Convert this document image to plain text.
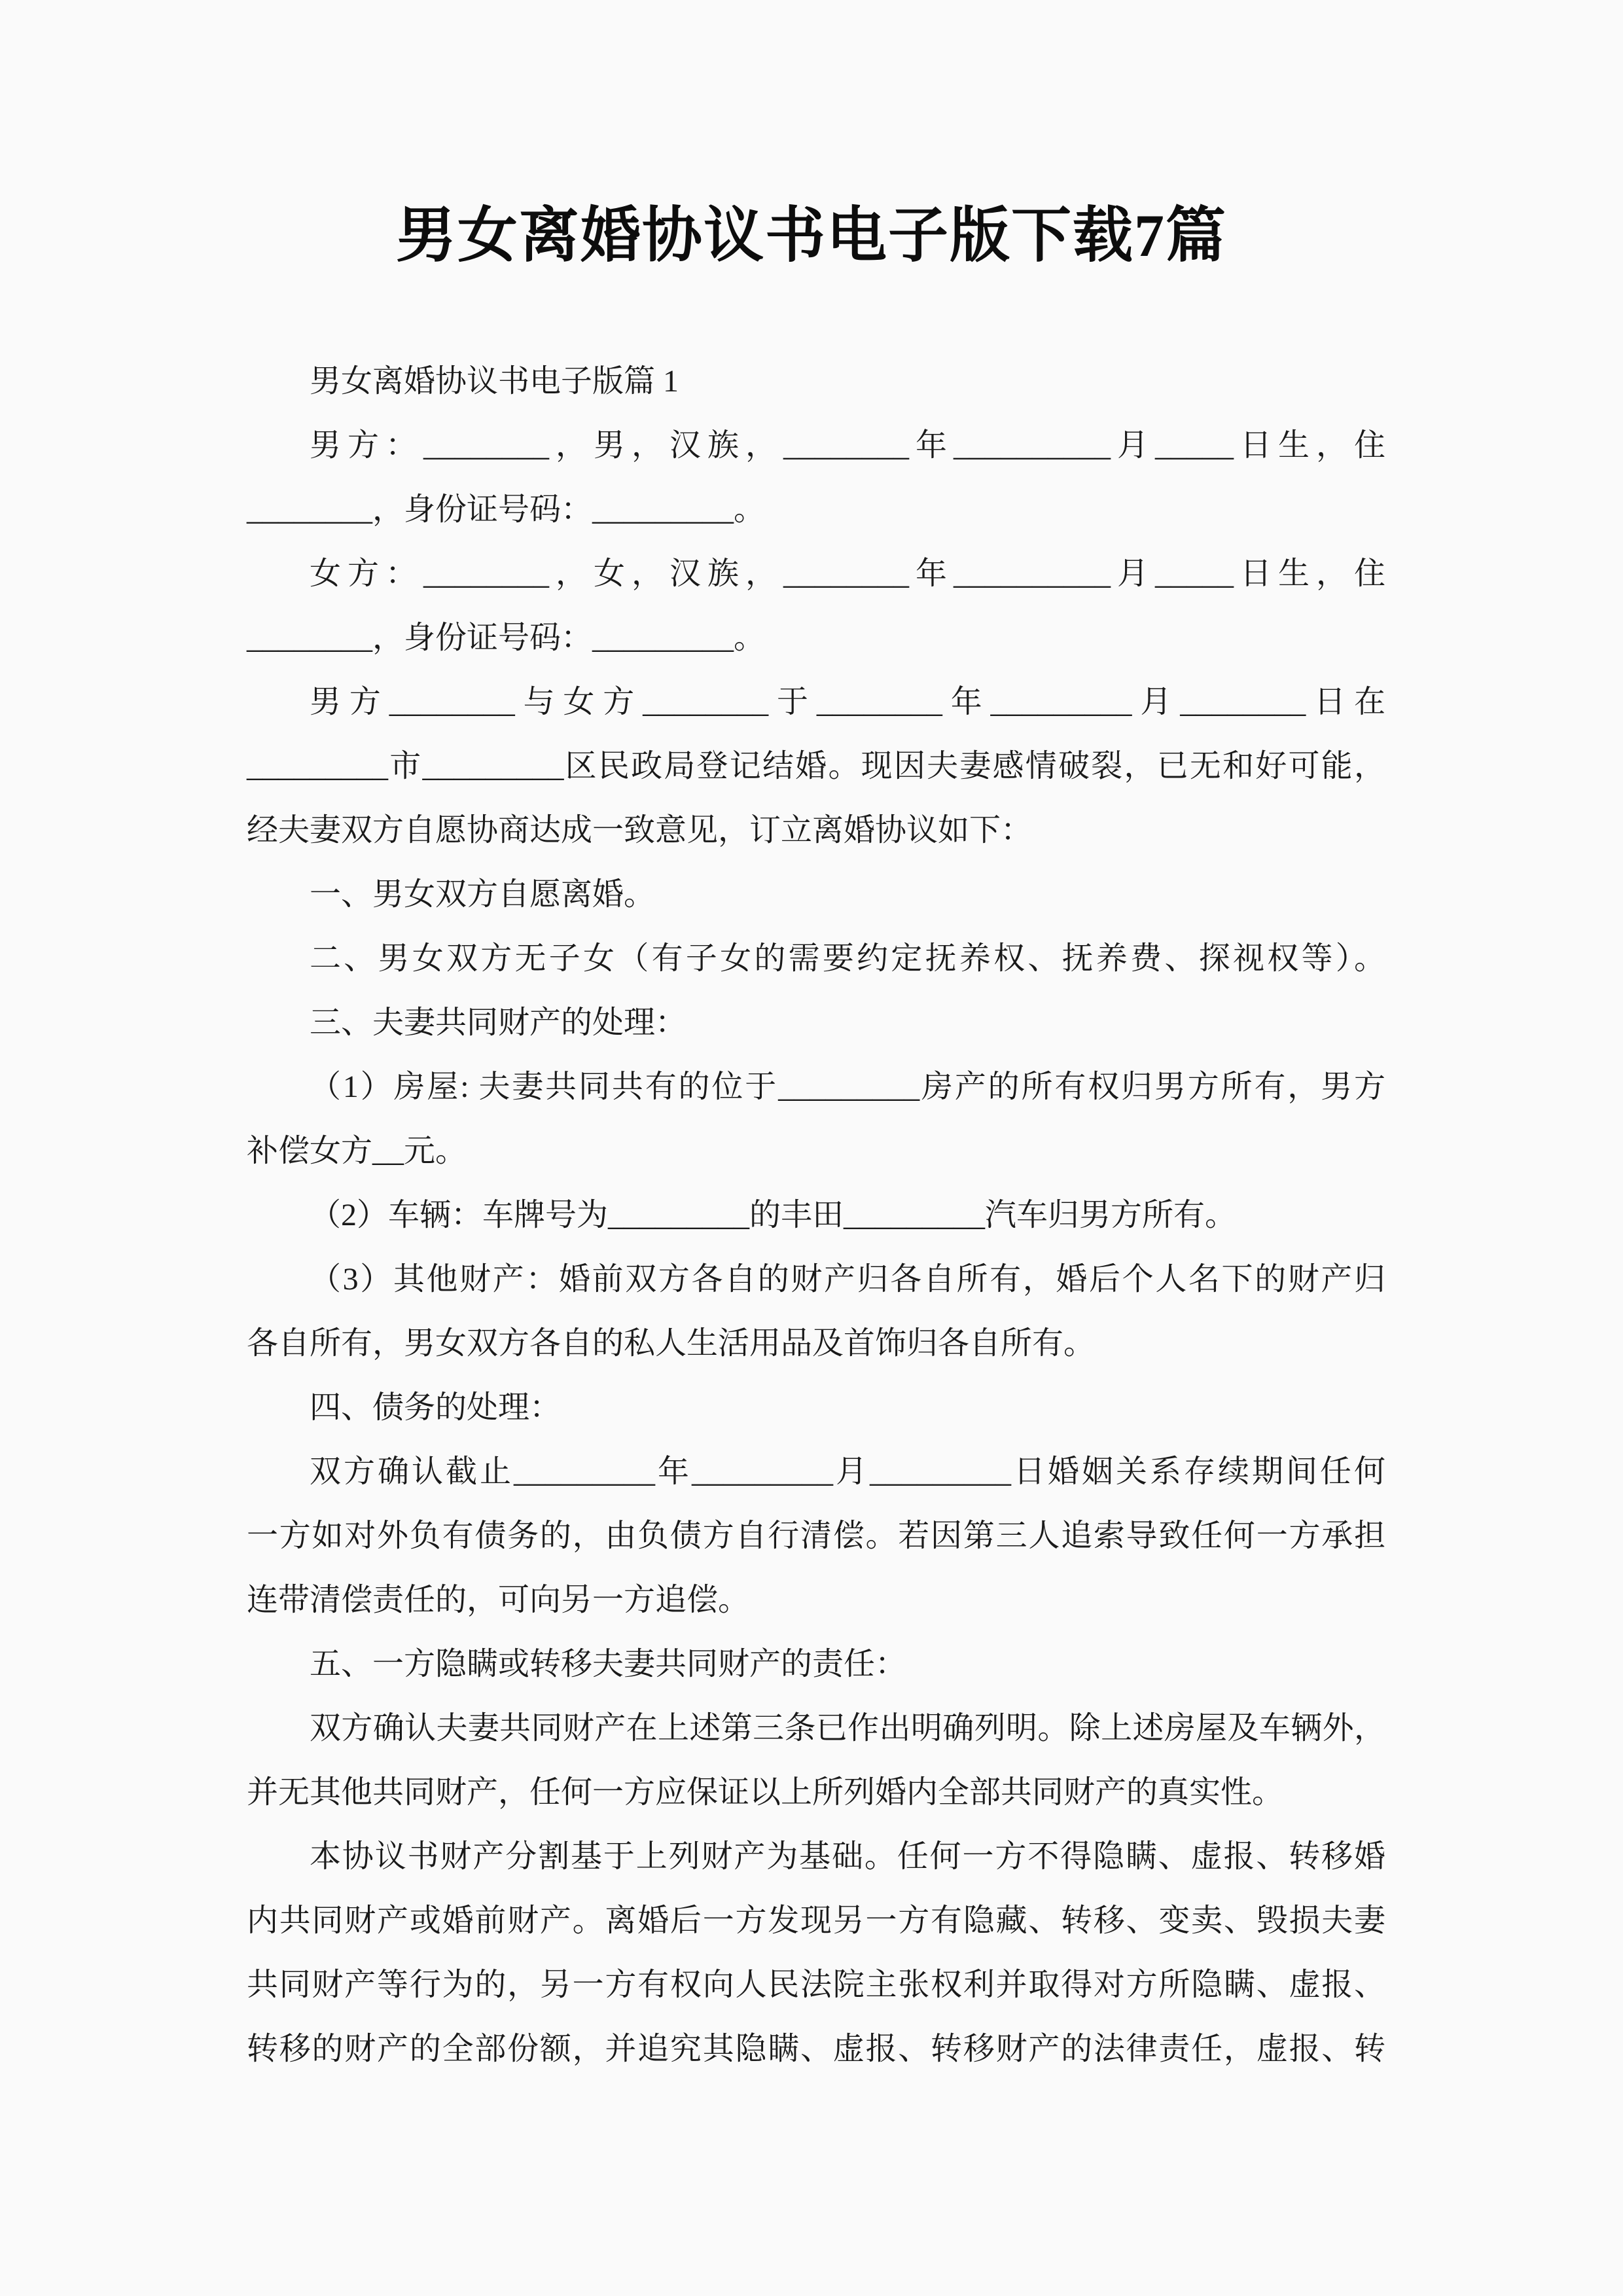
男女离婚协议书电子版下载7篇

男女离婚协议书电子版篇 1

男方：________，男，汉族，________年__________月_____日生，住

________，身份证号码：_________。

女方：________，女，汉族，________年__________月_____日生，住

________，身份证号码：_________。

男方________与女方________于________年_________月________日在

_________市_________区民政局登记结婚。现因夫妻感情破裂，已无和好可能，

经夫妻双方自愿协商达成一致意见，订立离婚协议如下：

一、男女双方自愿离婚。

二、男女双方无子女（有子女的需要约定抚养权、抚养费、探视权等）。

三、夫妻共同财产的处理：

（1）房屋: 夫妻共同共有的位于_________房产的所有权归男方所有，男方

补偿女方__元。

（2）车辆：车牌号为_________的丰田_________汽车归男方所有。

（3）其他财产：婚前双方各自的财产归各自所有，婚后个人名下的财产归

各自所有，男女双方各自的私人生活用品及首饰归各自所有。

四、债务的处理：

双方确认截止_________年_________月_________日婚姻关系存续期间任何

一方如对外负有债务的，由负债方自行清偿。若因第三人追索导致任何一方承担

连带清偿责任的，可向另一方追偿。

五、一方隐瞒或转移夫妻共同财产的责任：

双方确认夫妻共同财产在上述第三条已作出明确列明。除上述房屋及车辆外，

并无其他共同财产，任何一方应保证以上所列婚内全部共同财产的真实性。

本协议书财产分割基于上列财产为基础。任何一方不得隐瞒、虚报、转移婚

内共同财产或婚前财产。离婚后一方发现另一方有隐藏、转移、变卖、毁损夫妻

共同财产等行为的，另一方有权向人民法院主张权利并取得对方所隐瞒、虚报、

转移的财产的全部份额，并追究其隐瞒、虚报、转移财产的法律责任，虚报、转
